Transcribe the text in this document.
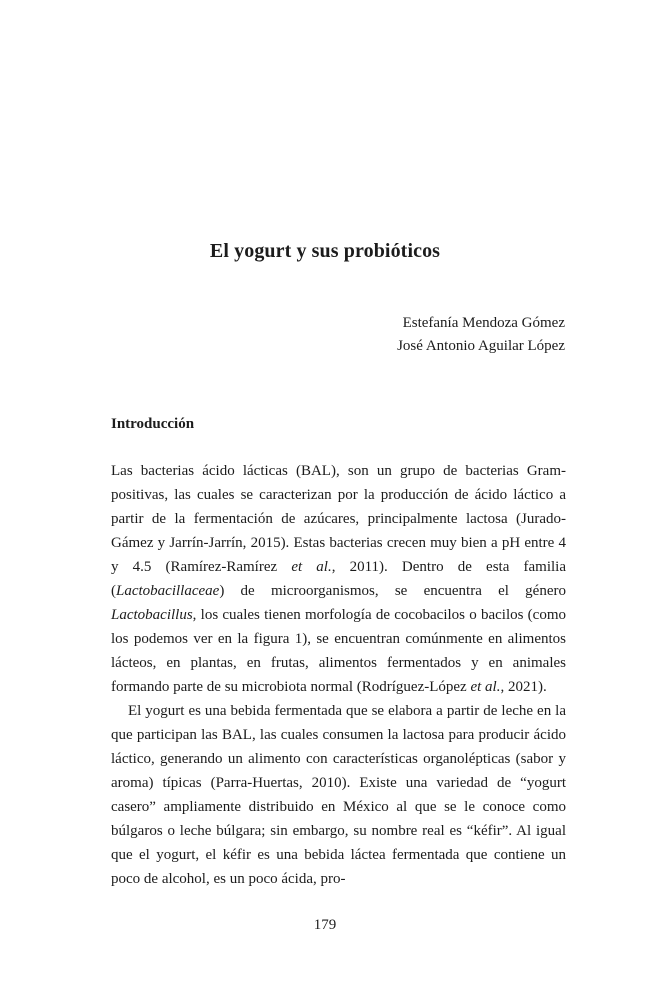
El yogurt y sus probióticos
Estefanía Mendoza Gómez
José Antonio Aguilar López
Introducción

Las bacterias ácido lácticas (BAL), son un grupo de bacterias Gram-positivas, las cuales se caracterizan por la producción de ácido láctico a partir de la fermentación de azúcares, principalmente lactosa (Jurado-Gámez y Jarrín-Jarrín, 2015). Estas bacterias crecen muy bien a pH entre 4 y 4.5 (Ramírez-Ramírez et al., 2011). Dentro de esta familia (Lactobacillaceae) de microorganismos, se encuentra el género Lactobacillus, los cuales tienen morfología de cocobacilos o bacilos (como los podemos ver en la figura 1), se encuentran comúnmente en alimentos lácteos, en plantas, en frutas, alimentos fermentados y en animales formando parte de su microbiota normal (Rodríguez-López et al., 2021).

El yogurt es una bebida fermentada que se elabora a partir de leche en la que participan las BAL, las cuales consumen la lactosa para producir ácido láctico, generando un alimento con características organolépticas (sabor y aroma) típicas (Parra-Huertas, 2010). Existe una variedad de “yogurt casero” ampliamente distribuido en México al que se le conoce como búlgaros o leche búlgara; sin embargo, su nombre real es “kéfir”. Al igual que el yogurt, el kéfir es una bebida láctea fermentada que contiene un poco de alcohol, es un poco ácida, pro-

179
